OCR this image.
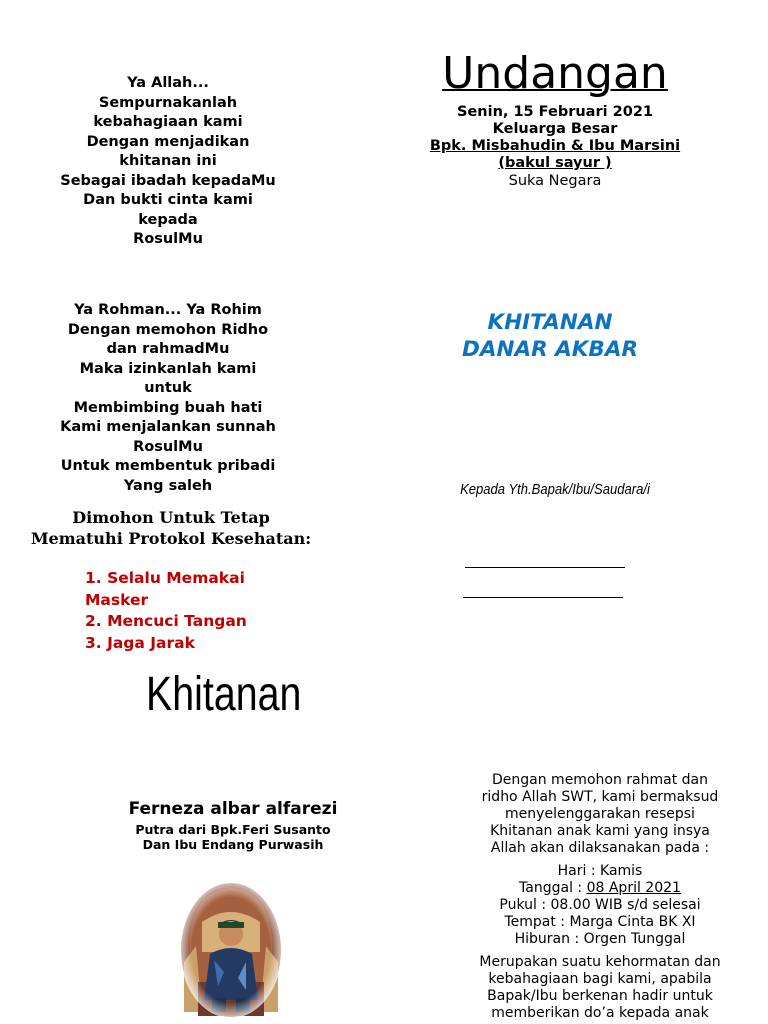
Ya Allah...
Sempurnakanlah
kebahagiaan kami
Dengan menjadikan
khitanan ini
Sebagai ibadah kepadaMu
Dan bukti cinta kami
kepada
RosulMu
Ya Rohman... Ya Rohim
Dengan memohon Ridho
dan rahmadMu
Maka izinkanlah kami
untuk
Membimbing buah hati
Kami menjalankan sunnah
RosulMu
Untuk membentuk pribadi
Yang saleh
Undangan
Senin, 15 Februari 2021
Keluarga Besar
Bpk. Misbahudin & Ibu Marsini
(bakul sayur )
Suka Negara
KHITANAN
DANAR AKBAR
Kepada Yth.Bapak/Ibu/Saudara/i
Dimohon Untuk Tetap
Mematuhi Protokol Kesehatan:
1. Selalu Memakai
Masker
2. Mencuci Tangan
3. Jaga Jarak
Khitanan
Ferneza albar alfarezi
Putra dari Bpk.Feri Susanto
Dan Ibu Endang Purwasih
Dengan memohon rahmat dan
ridho Allah SWT, kami bermaksud
menyelenggarakan resepsi
Khitanan anak kami yang insya
Allah akan dilaksanakan pada :
Hari : Kamis
Tanggal : 08 April 2021
Pukul : 08.00 WIB s/d selesai
Tempat : Marga Cinta BK XI
Hiburan : Orgen Tunggal
Merupakan suatu kehormatan dan
kebahagiaan bagi kami, apabila
Bapak/Ibu berkenan hadir untuk
memberikan do’a kepada anak
